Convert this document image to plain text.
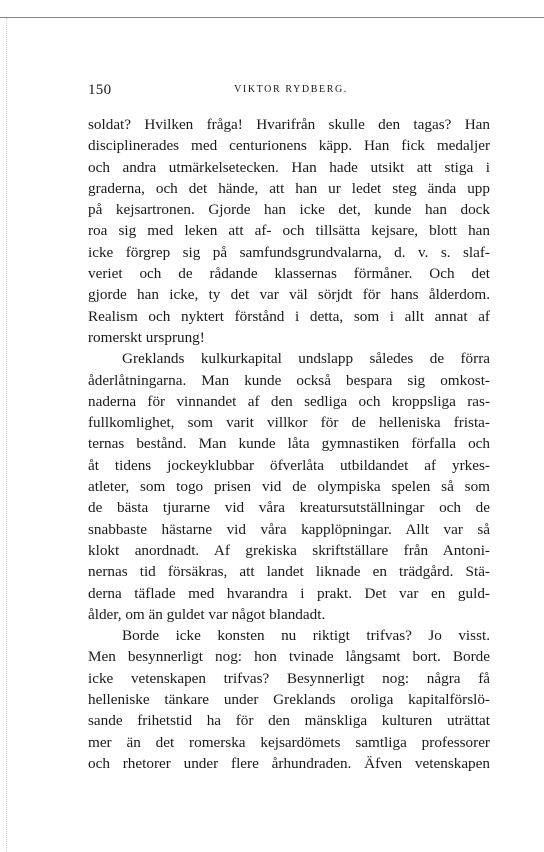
150	VIKTOR RYDBERG.
soldat? Hvilken fråga! Hvarifrån skulle den tagas? Han
disciplinerades med centurionens käpp. Han fick medaljer
och andra utmärkelsetecken. Han hade utsikt att stiga i
graderna, och det hände, att han ur ledet steg ända upp
på kejsartronen. Gjorde han icke det, kunde han dock
roa sig med leken att af- och tillsätta kejsare, blott han
icke förgrep sig på samfundsgrundvalarna, d. v. s. slaf-
veriet och de rådande klassernas förmåner. Och det
gjorde han icke, ty det var väl sörjdt för hans ålderdom.
Realism och nyktert förstånd i detta, som i allt annat af
romerskt ursprung!
Greklands kulkurkapital undslapp således de förra
åderlåtningarna. Man kunde också bespara sig omkost-
naderna för vinnandet af den sedliga och kroppsliga ras-
fullkomlighet, som varit villkor för de helleniska frista-
ternas bestånd. Man kunde låta gymnastiken förfalla och
åt tidens jockeyklubbar öfverlåta utbildandet af yrkes-
atleter, som togo prisen vid de olympiska spelen så som
de bästa tjurarne vid våra kreatursutställningar och de
snabbaste hästarne vid våra kapplöpningar. Allt var så
klokt anordnadt. Af grekiska skriftställare från Antoni-
nernas tid försäkras, att landet liknade en trädgård. Stä-
derna täflade med hvarandra i prakt. Det var en guld-
ålder, om än guldet var något blandadt.
Borde icke konsten nu riktigt trifvas? Jo visst.
Men besynnerligt nog: hon tvinade långsamt bort. Borde
icke vetenskapen trifvas? Besynnerligt nog: några få
helleniske tänkare under Greklands oroliga kapitalförslö-
sande frihetstid ha för den mänskliga kulturen uträttat
mer än det romerska kejsardömets samtliga professorer
och rhetorer under flere århundraden. Äfven vetenskapen
